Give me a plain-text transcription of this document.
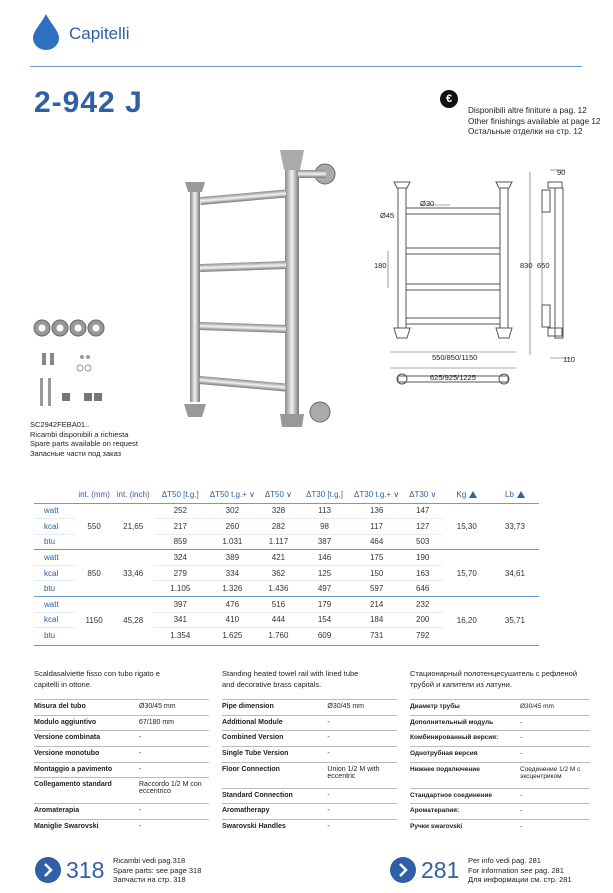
Capitelli
2-942 J	€
Disponibili altre finiture a pag. 12
Other finishings available at page 12
Остальные отделки на стр. 12
SC2942FEBA01..
Ricambi disponibili a richiesta
Spare parts available on request
Запасные части под заказ
90
Ø30
Ø45
180	830 650
110
550/850/1150
625/925/1225
	int. (mm)	int. (inch)	ΔT50 [t.g.]	ΔT50 t.g.+ ∨	ΔT50 ∨	ΔT30 [t.g.]	ΔT30 t.g.+ ∨	ΔT30 ∨	Kg	Lb
watt	550	21,65	252	302	328	113	136	147	15,30	33,73
kcal			217	260	282	98	117	127		
btu			859	1.031	1.117	387	464	503		
watt	850	33,46	324	389	421	146	175	190	15,70	34,61
kcal			279	334	362	125	150	163		
btu			1.105	1.326	1.436	497	597	646		
watt	1150	45,28	397	476	516	179	214	232	16,20	35,71
kcal			341	410	444	154	184	200		
btu			1.354	1.625	1.760	609	731	792		
Scaldasalviette fisso con tubo rigato e capitelli in ottone.
Standing heated towel rail with lined tube and decorative brass capitals.
Стационарный полотенцесушитель с рефленой трубой и капители из латуни.
Misura del tubo	Ø30/45 mm
Modulo aggiuntivo	67/180 mm
Versione combinata	-
Versione monotubo	-
Montaggio a pavimento	-
Collegamento standard	Raccordo 1/2 M con eccentrico
Aromaterapia	-
Maniglie Swarovski	-
Pipe dimension	Ø30/45 mm
Additional Module	-
Combined Version	-
Single Tube Version	-
Floor Connection	Union 1/2 M with eccentric
Standard Connection	-
Aromatherapy	-
Swarovski Handles	-
Диаметр трубы	Ø30/45 mm
Дополнительный модуль	-
Комбинированный версия:	-
Однотрубная версия	-
Нижнее подключение	Соединение 1/2 M с эксцентриком
Стандартное соединение	-
Ароматерапия:	-
Ручки swarovski	-
318 Ricambi vedi pag.318
Spare parts: see page 318
Запчасти на стр. 318	281 Per info vedi pag. 281
For information see pag. 281
Для информации см. стр. 281
